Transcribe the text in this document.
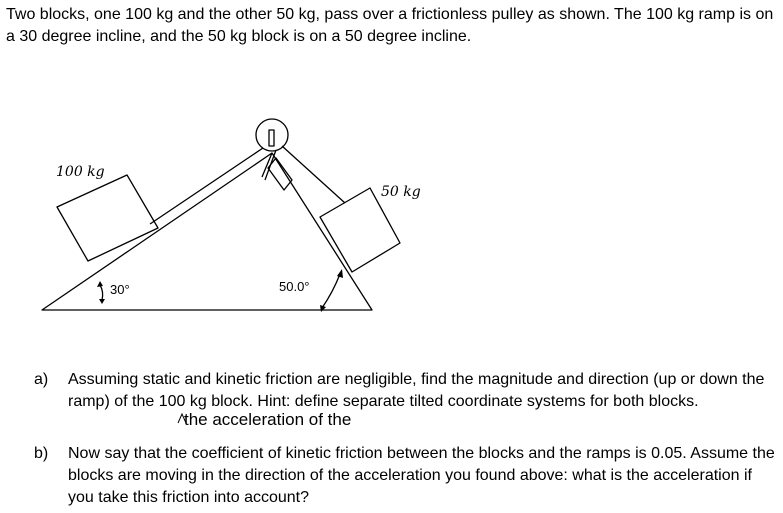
Two blocks, one 100 kg and the other 50 kg, pass over a frictionless pulley as shown. The 100 kg ramp is on a 30 degree incline, and the 50 kg block is on a 50 degree incline.

100 kg
50 kg
30°	50.0°
a) Assuming static and kinetic friction are negligible, find the magnitude and direction (up or down the ramp) of the 100 kg block. Hint: define separate tilted coordinate systems for both blocks.
the acceleration of the
b) Now say that the coefficient of kinetic friction between the blocks and the ramps is 0.05. Assume the blocks are moving in the direction of the acceleration you found above: what is the acceleration if you take this friction into account?
